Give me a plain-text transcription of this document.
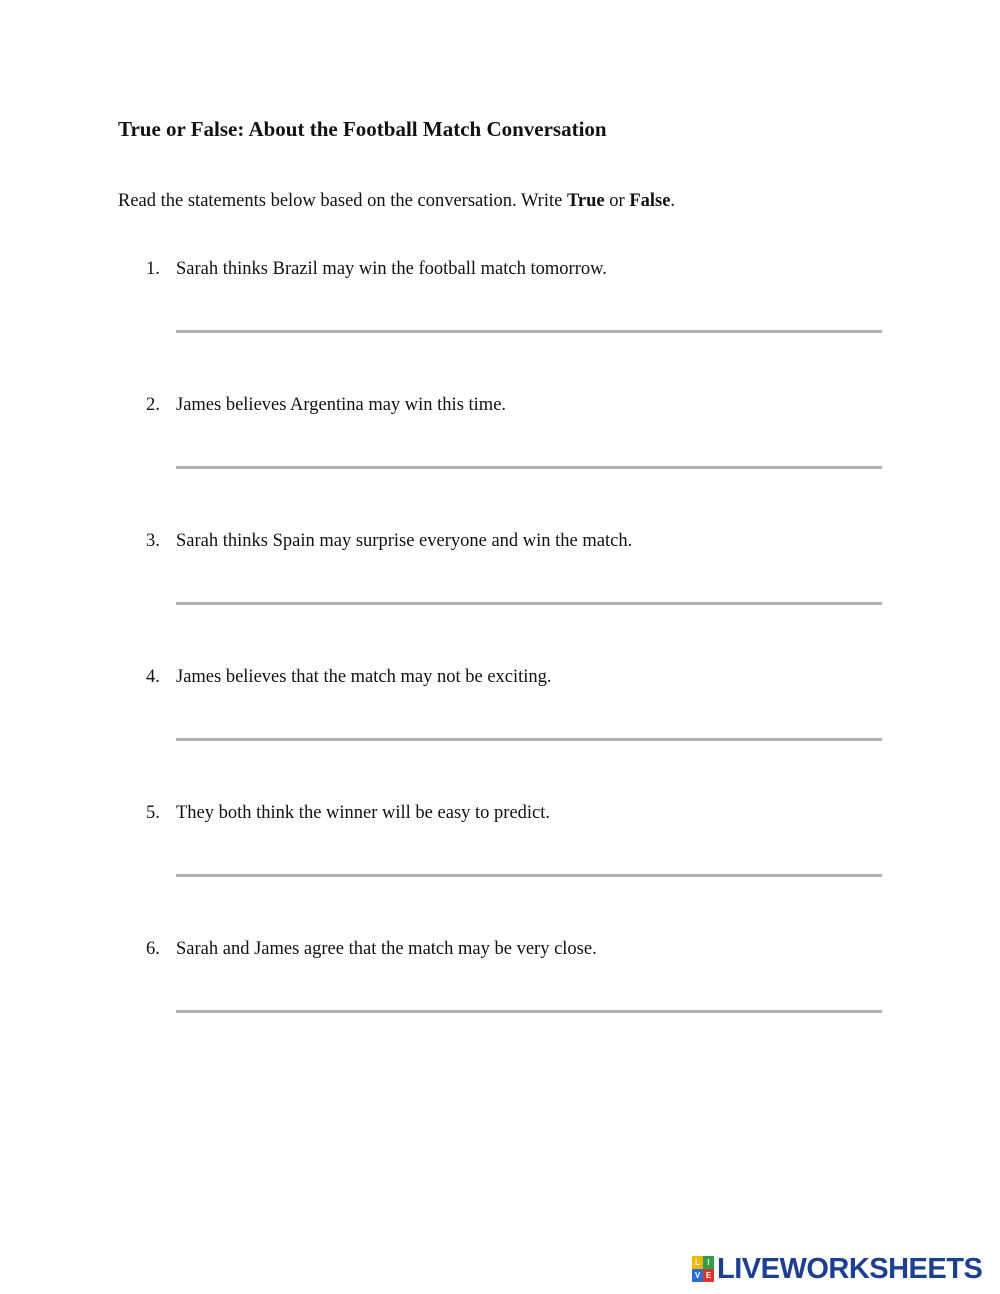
True or False: About the Football Match Conversation
Read the statements below based on the conversation. Write True or False.
1. Sarah thinks Brazil may win the football match tomorrow.
2. James believes Argentina may win this time.
3. Sarah thinks Spain may surprise everyone and win the match.
4. James believes that the match may not be exciting.
5. They both think the winner will be easy to predict.
6. Sarah and James agree that the match may be very close.
L I
V E LIVEWORKSHEETS
